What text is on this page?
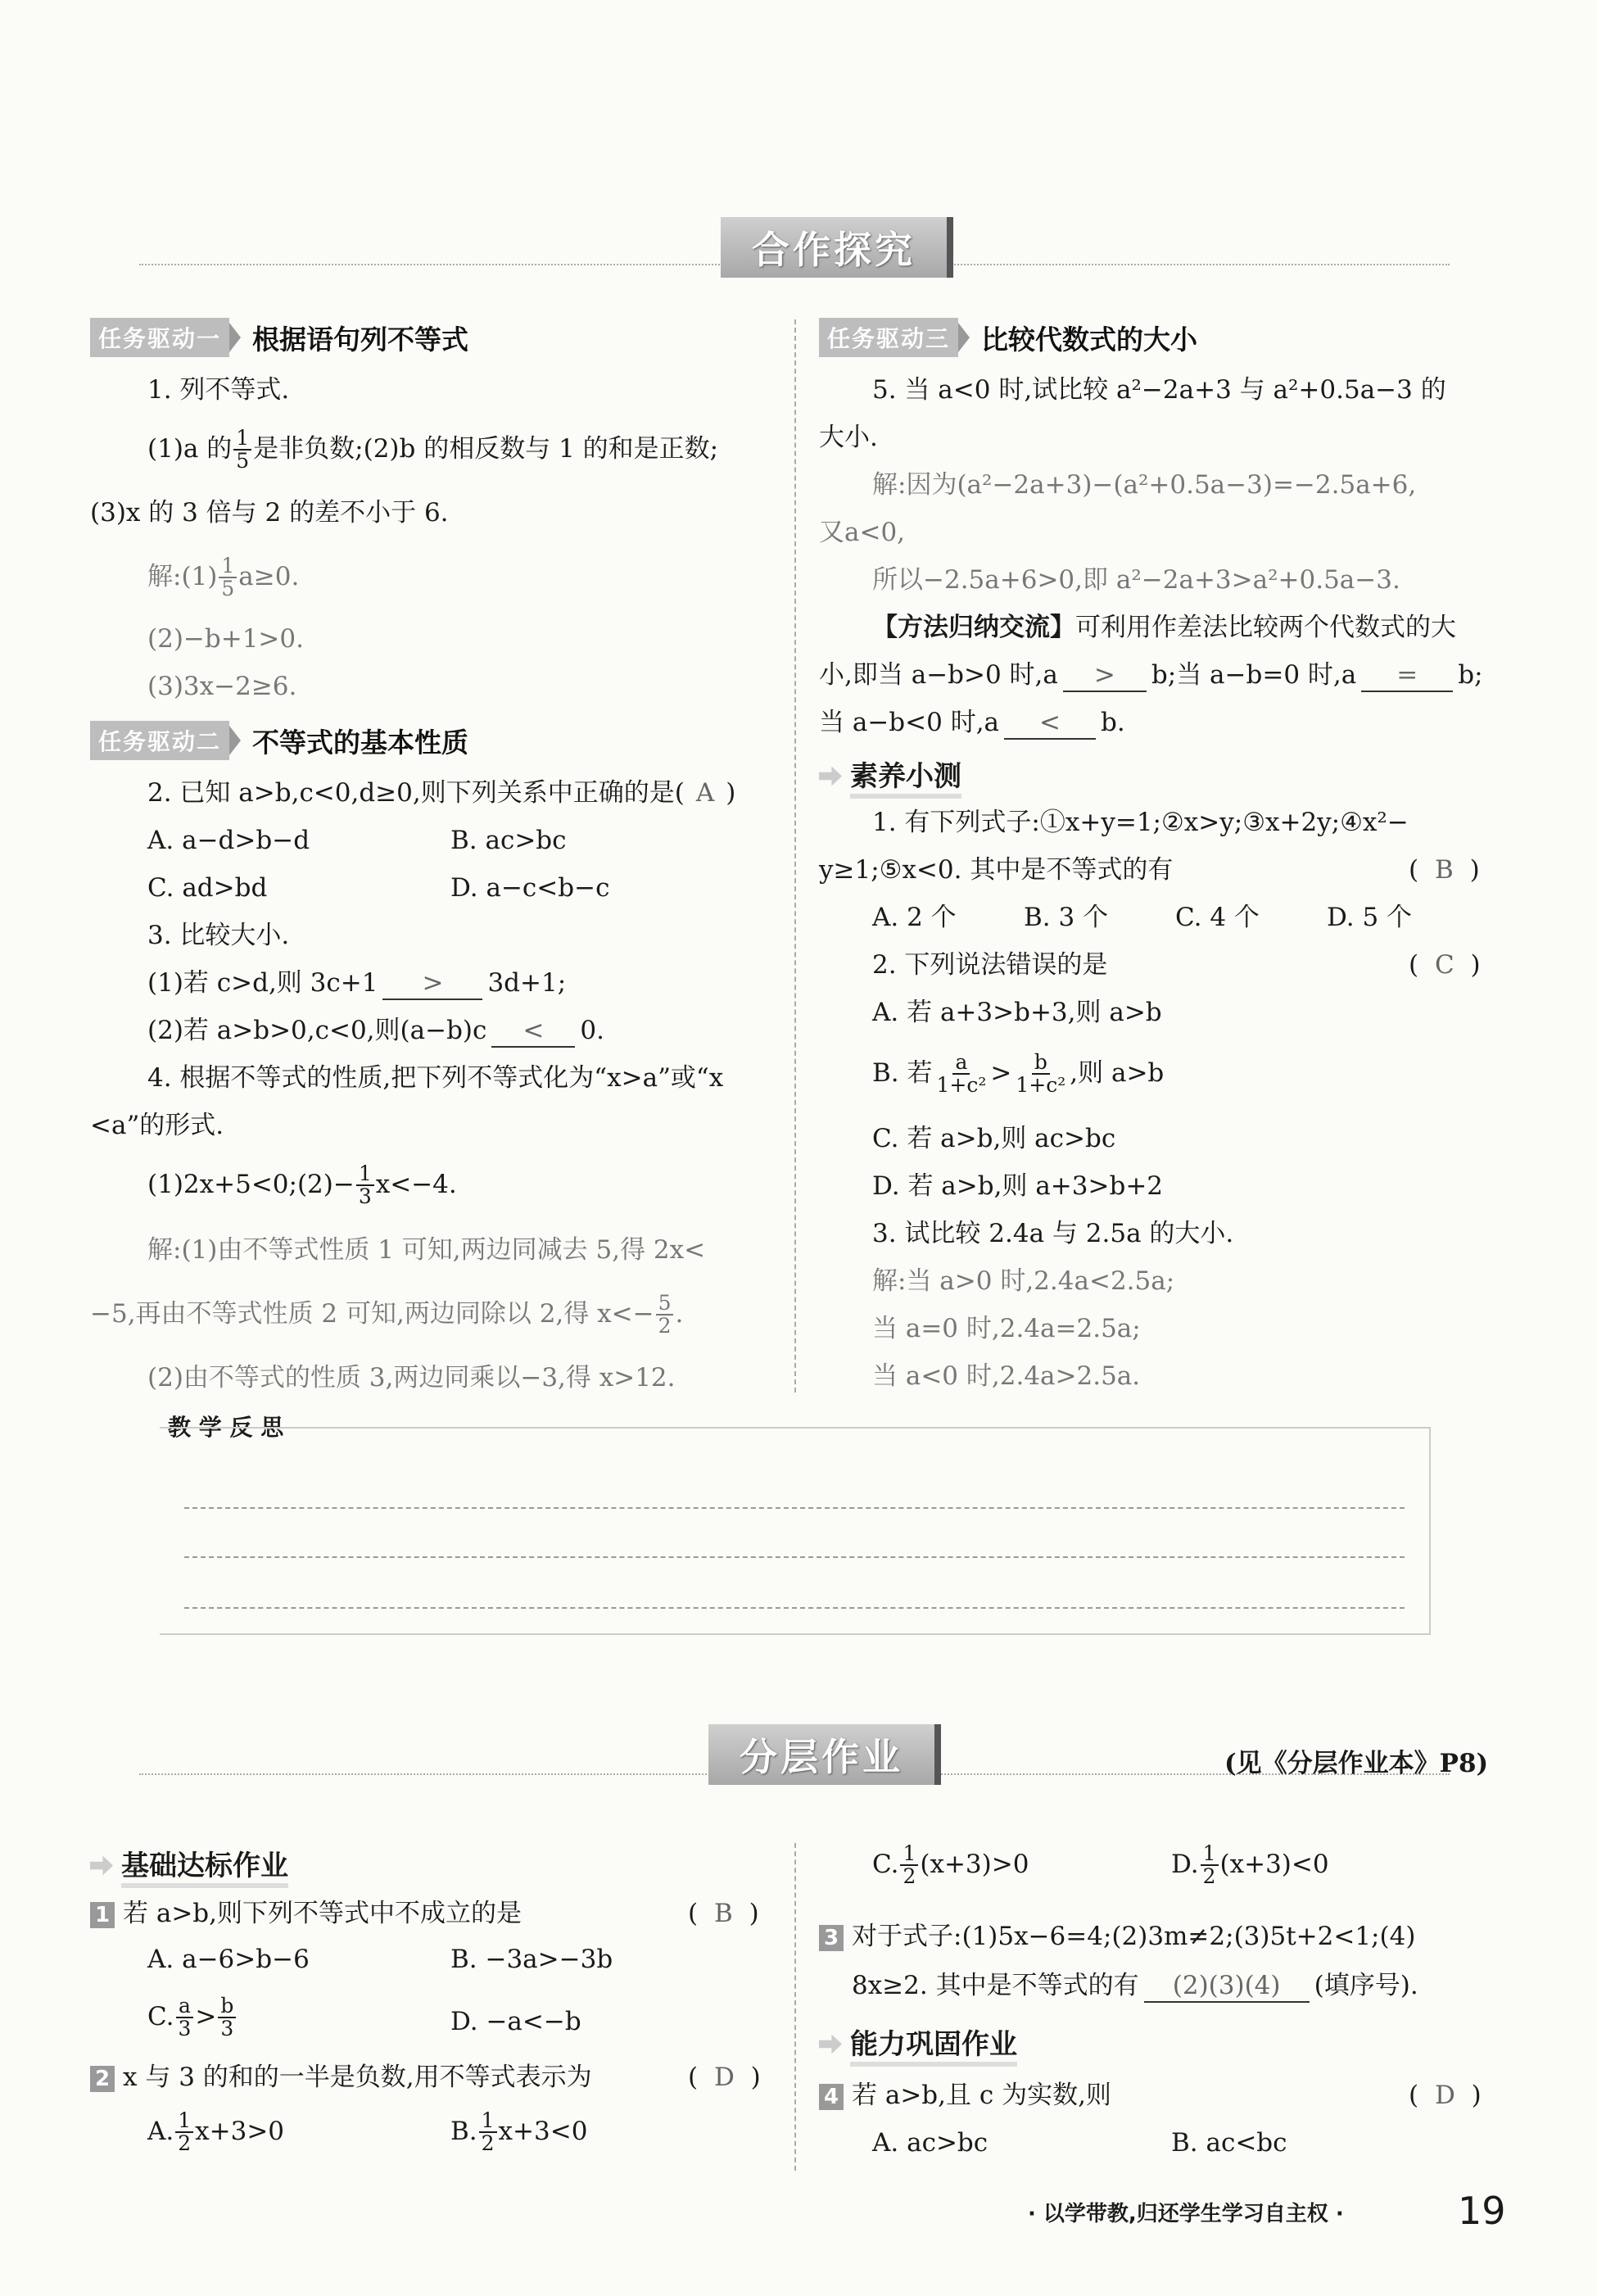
合作探究
任务驱动一	根据语句列不等式
1. 列不等式.
(1)a 的 $\frac{1}{5}$ 是非负数;(2)b 的相反数与 1 的和是正数;
(3)x 的 3 倍与 2 的差不小于 6.
解:(1) $\frac{1}{5} a\ge 0$.
(2)−b+1>0.
(3)3x−2≥6.
任务驱动二	不等式的基本性质
2. 已知 a>b,c<0,d≥0,则下列关系中正确的是( A )
A. a−d>b−d	B. ac>bc
C. ad>bd	D. a−c<b−c
3. 比较大小.
(1)若 c>d,则 3c+1 > 3d+1;
(2)若 a>b>0,c<0,则(a−b)c < 0.
4. 根据不等式的性质,把下列不等式化为“x>a”或“x
<a”的形式.
(1)2x+5<0;(2)− $\frac{1}{3} x<-4$.
解:(1)由不等式性质 1 可知,两边同减去 5,得 2x<
−5,再由不等式性质 2 可知,两边同除以 2,得 $x<- \frac{5}{2}$ .
(2)由不等式的性质 3,两边同乘以−3,得 x>12.
任务驱动三	比较代数式的大小
5. 当 a<0 时,试比较 a²−2a+3 与 a²+0.5a−3 的
大小.
解:因为(a²−2a+3)−(a²+0.5a−3)=−2.5a+6,
又a<0,
所以−2.5a+6>0,即 a²−2a+3>a²+0.5a−3.
【方法归纳交流】可利用作差法比较两个代数式的大
小,即当 a−b>0 时,a > b;当 a−b=0 时,a = b;
当 a−b<0 时,a < b.
素养小测
1. 有下列式子:①x+y=1;②x>y;③x+2y;④x²−
y≥1;⑤x<0. 其中是不等式的有	( B )
A. 2 个	B. 3 个	C. 4 个	D. 5 个
2. 下列说法错误的是	( C )
A. 若 a+3>b+3,则 a>b
B. 若 $\frac{a}{\text{1+c²}} > \frac{b}{\text{1+c²}}$ ,则 a>b
C. 若 a>b,则 ac>bc
D. 若 a>b,则 a+3>b+2
3. 试比较 2.4a 与 2.5a 的大小.
解:当 a>0 时,2.4a<2.5a;
当 a=0 时,2.4a=2.5a;
当 a<0 时,2.4a>2.5a.
教 学 反 思
分层作业	(见《分层作业本》P8)
基础达标作业
1 若 a>b,则下列不等式中不成立的是	( B )
A. a−6>b−6	B. −3a>−3b
C. $\frac{a}{3} > \frac{b}{3}$	D. −a<−b
2 x 与 3 的和的一半是负数,用不等式表示为	( D )
A. $\frac{1}{2} x+3>0$	B. $\frac{1}{2} x+3<0$
C. $\frac{1}{2} (x+3)>0$	D. $\frac{1}{2} (x+3)<0$
3 对于式子:(1)5x−6=4;(2)3m≠2;(3)5t+2<1;(4)
8x≥2. 其中是不等式的有 (2)(3)(4) (填序号).
能力巩固作业
4 若 a>b,且 c 为实数,则	( D )
A. ac>bc	B. ac<bc
· 以学带教,归还学生学习自主权 ·	19
